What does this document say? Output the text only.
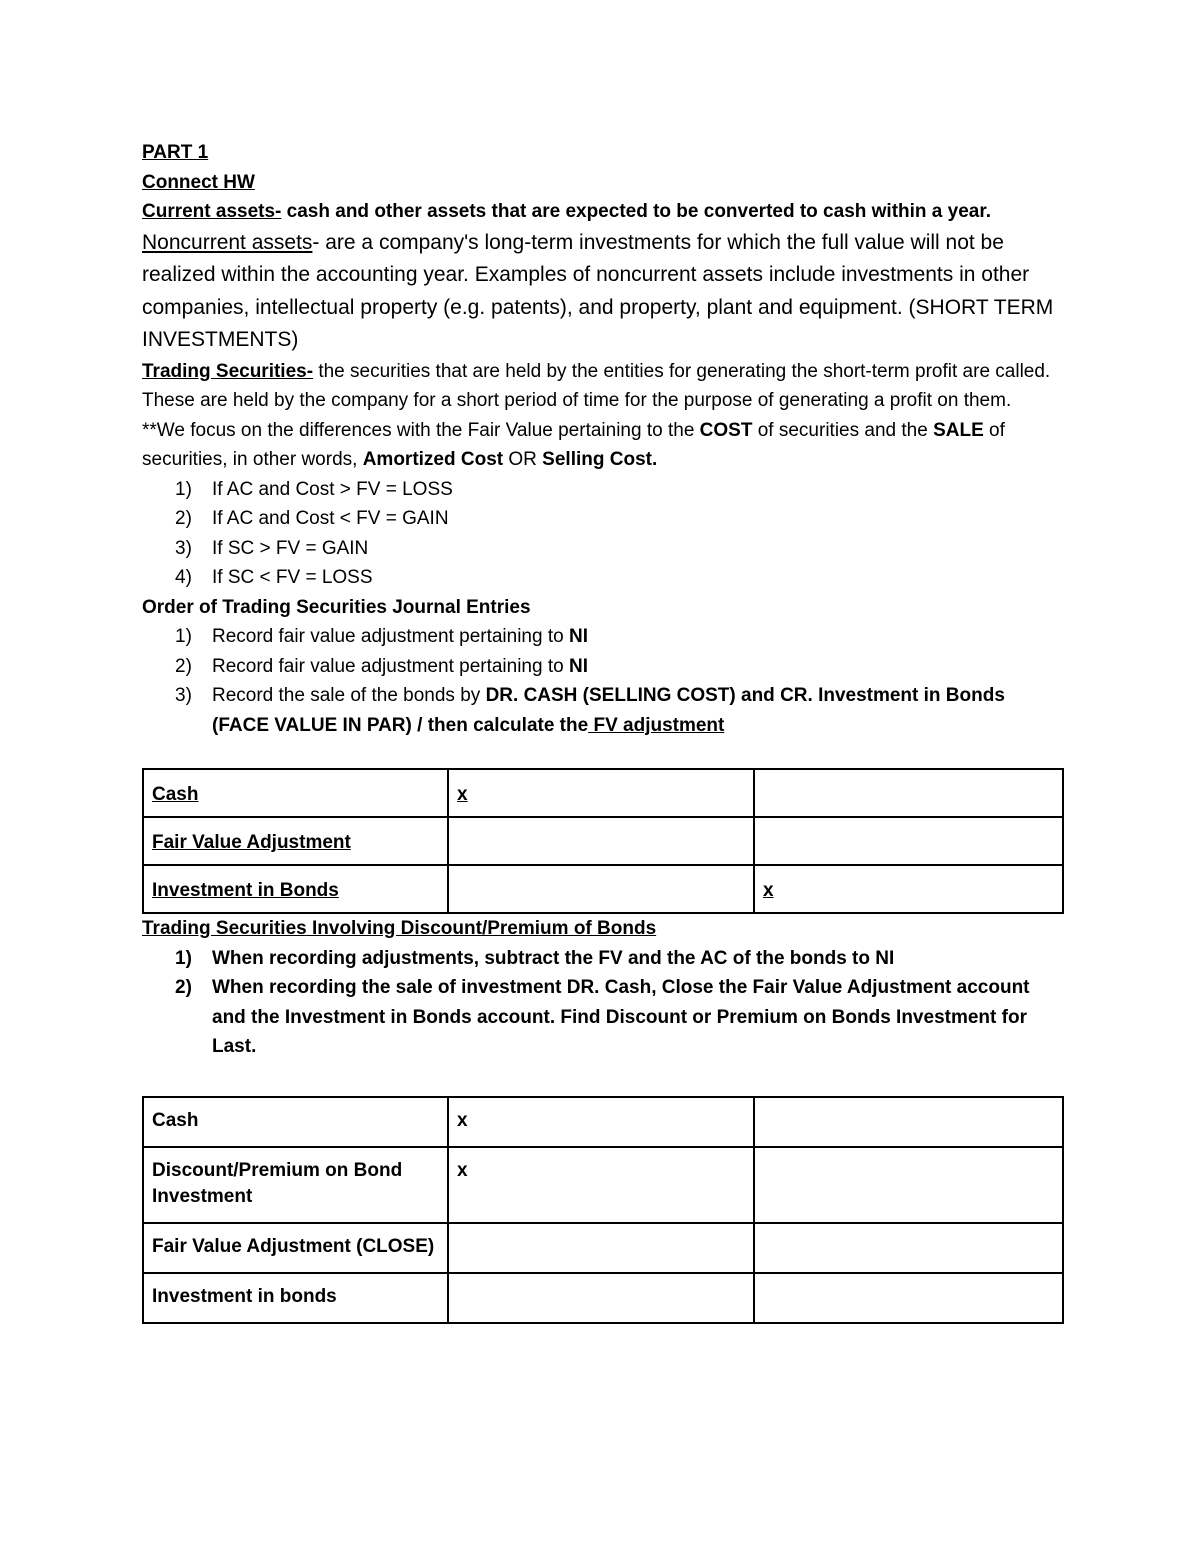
PART 1
Connect HW
Current assets- cash and other assets that are expected to be converted to cash within a year.
Noncurrent assets- are a company's long-term investments for which the full value will not be realized within the accounting year. Examples of noncurrent assets include investments in other companies, intellectual property (e.g. patents), and property, plant and equipment. (SHORT TERM INVESTMENTS)
Trading Securities- the securities that are held by the entities for generating the short-term profit are called. These are held by the company for a short period of time for the purpose of generating a profit on them.
**We focus on the differences with the Fair Value pertaining to the COST of securities and the SALE of securities, in other words, Amortized Cost OR Selling Cost.
1) If AC and Cost > FV = LOSS
2) If AC and Cost < FV = GAIN
3) If SC > FV = GAIN
4) If SC < FV = LOSS
Order of Trading Securities Journal Entries
1) Record fair value adjustment pertaining to NI
2) Record fair value adjustment pertaining to NI
3) Record the sale of the bonds by DR. CASH (SELLING COST) and CR. Investment in Bonds (FACE VALUE IN PAR) / then calculate the FV adjustment
Cash	x	
Fair Value Adjustment		
Investment in Bonds		x
Trading Securities Involving Discount/Premium of Bonds
1) When recording adjustments, subtract the FV and the AC of the bonds to NI
2) When recording the sale of investment DR. Cash, Close the Fair Value Adjustment account and the Investment in Bonds account. Find Discount or Premium on Bonds Investment for Last.
Cash	x	
Discount/Premium on Bond Investment	x	
Fair Value Adjustment (CLOSE)		
Investment in bonds		
